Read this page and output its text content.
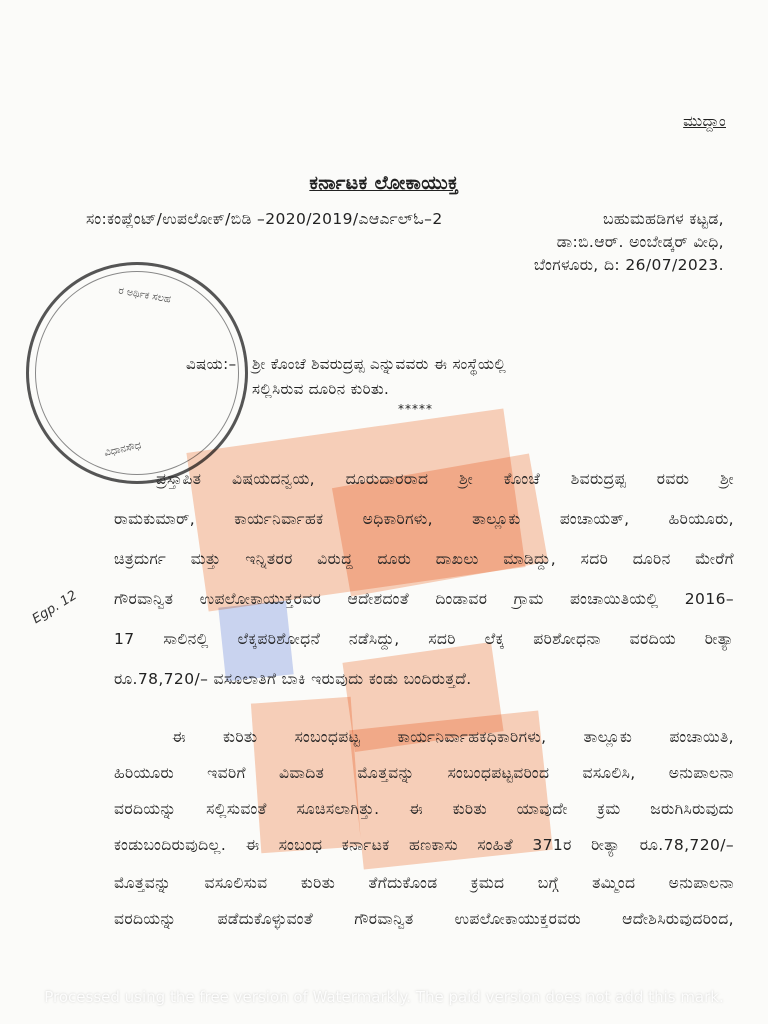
ರ ಅರ್ಥಿಕ ಸಲಹ
ವಿಧಾನಸೌಧ
ಮುದ್ದಾಂ
ಕರ್ನಾಟಕ ಲೋಕಾಯುಕ್ತ
ಸಂ:ಕಂಪ್ಲೆಂಟ್/ಉಪಲೋಕ್/ಬಿಡಿ –2020/2019/ಎಆರ್ಎಲ್‌ಓ–2	ಬಹುಮಹಡಿಗಳ ಕಟ್ಟಡ,
ಡಾ:ಬಿ.ಆರ್. ಅಂಬೇಡ್ಕರ್ ವೀಧಿ,
ಬೆಂಗಳೂರು, ದಿ: 26/07/2023.
ವಿಷಯ:– ಶ್ರೀ ಕೊಂಚೆ ಶಿವರುದ್ರಪ್ಪ ಎನ್ನುವವರು ಈ ಸಂಸ್ಥೆಯಲ್ಲಿ
ಸಲ್ಲಿಸಿರುವ ದೂರಿನ ಕುರಿತು.
*****
Egp. 12
ಪ್ರಸ್ತಾಪಿತ ವಿಷಯದನ್ವಯ, ದೂರುದಾರರಾದ ಶ್ರೀ ಕೊಂಚೆ ಶಿವರುದ್ರಪ್ಪ ರವರು ಶ್ರೀ
ರಾಮಕುಮಾರ್, ಕಾರ್ಯನಿರ್ವಾಹಕ ಅಧಿಕಾರಿಗಳು, ತಾಲ್ಲೂಕು ಪಂಚಾಯತ್, ಹಿರಿಯೂರು,
ಚಿತ್ರದುರ್ಗ ಮತ್ತು ಇನ್ನಿತರರ ವಿರುದ್ದ ದೂರು ದಾಖಲು ಮಾಡಿದ್ದು, ಸದರಿ ದೂರಿನ ಮೇರೆಗೆ
ಗೌರವಾನ್ವಿತ ಉಪಲೋಕಾಯುಕ್ತರವರ ಆದೇಶದಂತೆ ದಿಂಡಾವರ ಗ್ರಾಮ ಪಂಚಾಯಿತಿಯಲ್ಲಿ 2016–
17 ಸಾಲಿನಲ್ಲಿ ಲೆಕ್ಕಪರಿಶೋಧನೆ ನಡೆಸಿದ್ದು, ಸದರಿ ಲೆಕ್ಕ ಪರಿಶೋಧನಾ ವರದಿಯ ರೀತ್ಯಾ
ರೂ.78,720/– ವಸೂಲಾತಿಗೆ ಬಾಕಿ ಇರುವುದು ಕಂಡು ಬಂದಿರುತ್ತದೆ.
ಈ ಕುರಿತು ಸಂಬಂಧಪಟ್ಟ ಕಾರ್ಯನಿರ್ವಾಹಕಧಿಕಾರಿಗಳು, ತಾಲ್ಲೂಕು ಪಂಚಾಯಿತಿ,
ಹಿರಿಯೂರು ಇವರಿಗೆ ವಿವಾದಿತ ಮೊತ್ತವನ್ನು ಸಂಬಂಧಪಟ್ಟವರಿಂದ ವಸೂಲಿಸಿ, ಅನುಪಾಲನಾ
ವರದಿಯನ್ನು ಸಲ್ಲಿಸುವಂತೆ ಸೂಚಿಸಲಾಗಿತ್ತು. ಈ ಕುರಿತು ಯಾವುದೇ ಕ್ರಮ ಜರುಗಿಸಿರುವುದು
ಕಂಡುಬಂದಿರುವುದಿಲ್ಲ. ಈ ಸಂಬಂಧ ಕರ್ನಾಟಕ ಹಣಕಾಸು ಸಂಹಿತೆ 371ರ ರೀತ್ಯಾ ರೂ.78,720/–
ಮೊತ್ತವನ್ನು ವಸೂಲಿಸುವ ಕುರಿತು ತೆಗೆದುಕೊಂಡ ಕ್ರಮದ ಬಗ್ಗೆ ತಮ್ಮಿಂದ ಅನುಪಾಲನಾ
ವರದಿಯನ್ನು ಪಡೆದುಕೊಳ್ಳುವಂತೆ ಗೌರವಾನ್ವಿತ ಉಪಲೋಕಾಯುಕ್ತರವರು ಆದೇಶಿಸಿರುವುದರಿಂದ,
Processed using the free version of Watermarkly. The paid version does not add this mark.
